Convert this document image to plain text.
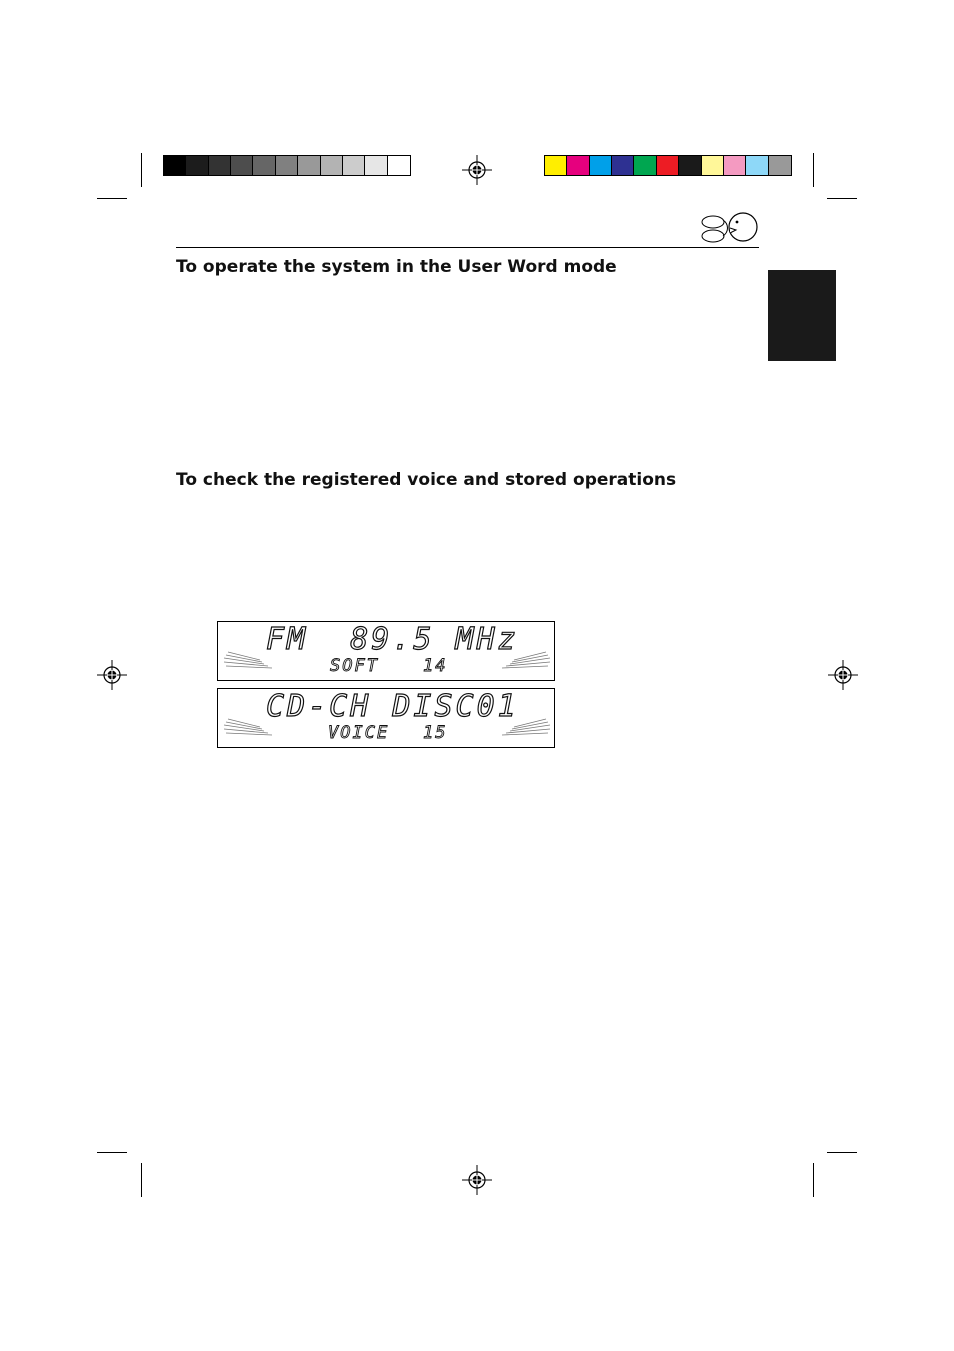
To operate the system in the User Word mode
To check the registered voice and stored operations
FM  89.5 MHz
SOFT	14
CD-CH DISC01
VOICE 15
